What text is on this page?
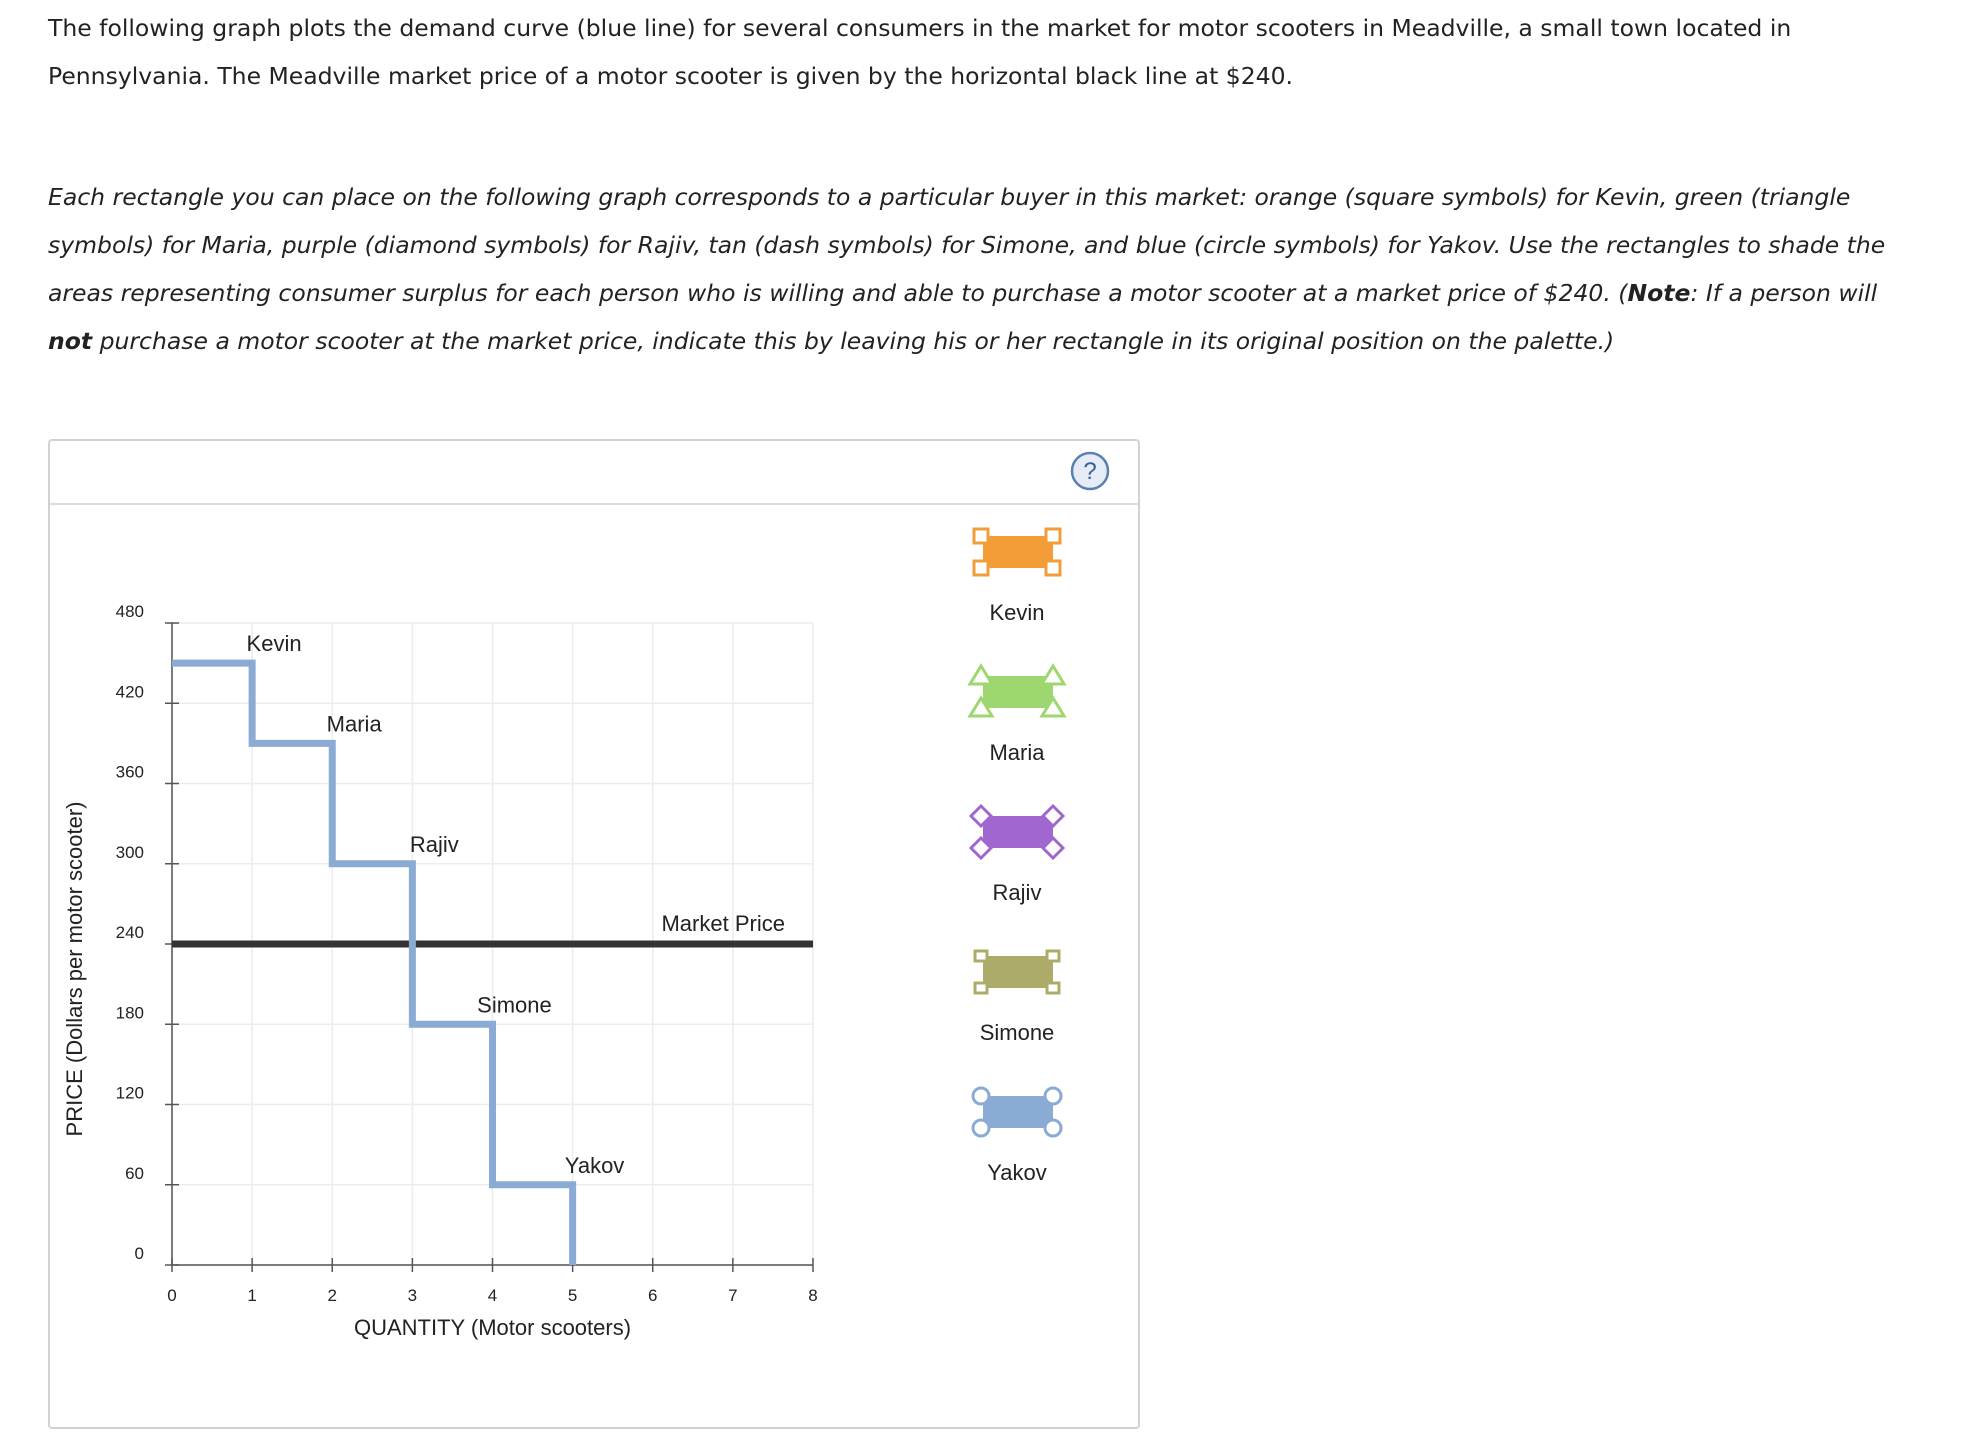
The following graph plots the demand curve (blue line) for several consumers in the market for motor scooters in Meadville, a small town located in Pennsylvania. The Meadville market price of a motor scooter is given by the horizontal black line at $240.

Each rectangle you can place on the following graph corresponds to a particular buyer in this market: orange (square symbols) for Kevin, green (triangle symbols) for Maria, purple (diamond symbols) for Rajiv, tan (dash symbols) for Simone, and blue (circle symbols) for Yakov. Use the rectangles to shade the areas representing consumer surplus for each person who is willing and able to purchase a motor scooter at a market price of $240. (Note: If a person will not purchase a motor scooter at the market price, indicate this by leaving his or her rectangle in its original position on the palette.)

?
0	1	2	3	4	5	6	7	8
480
420
360
300
240
180
120
60
0
QUANTITY (Motor scooters)
PRICE (Dollars per motor scooter)	Market Price
Kevin
Maria
Rajiv
Simone
Yakov
Kevin
Maria
Rajiv
Simone
Yakov
